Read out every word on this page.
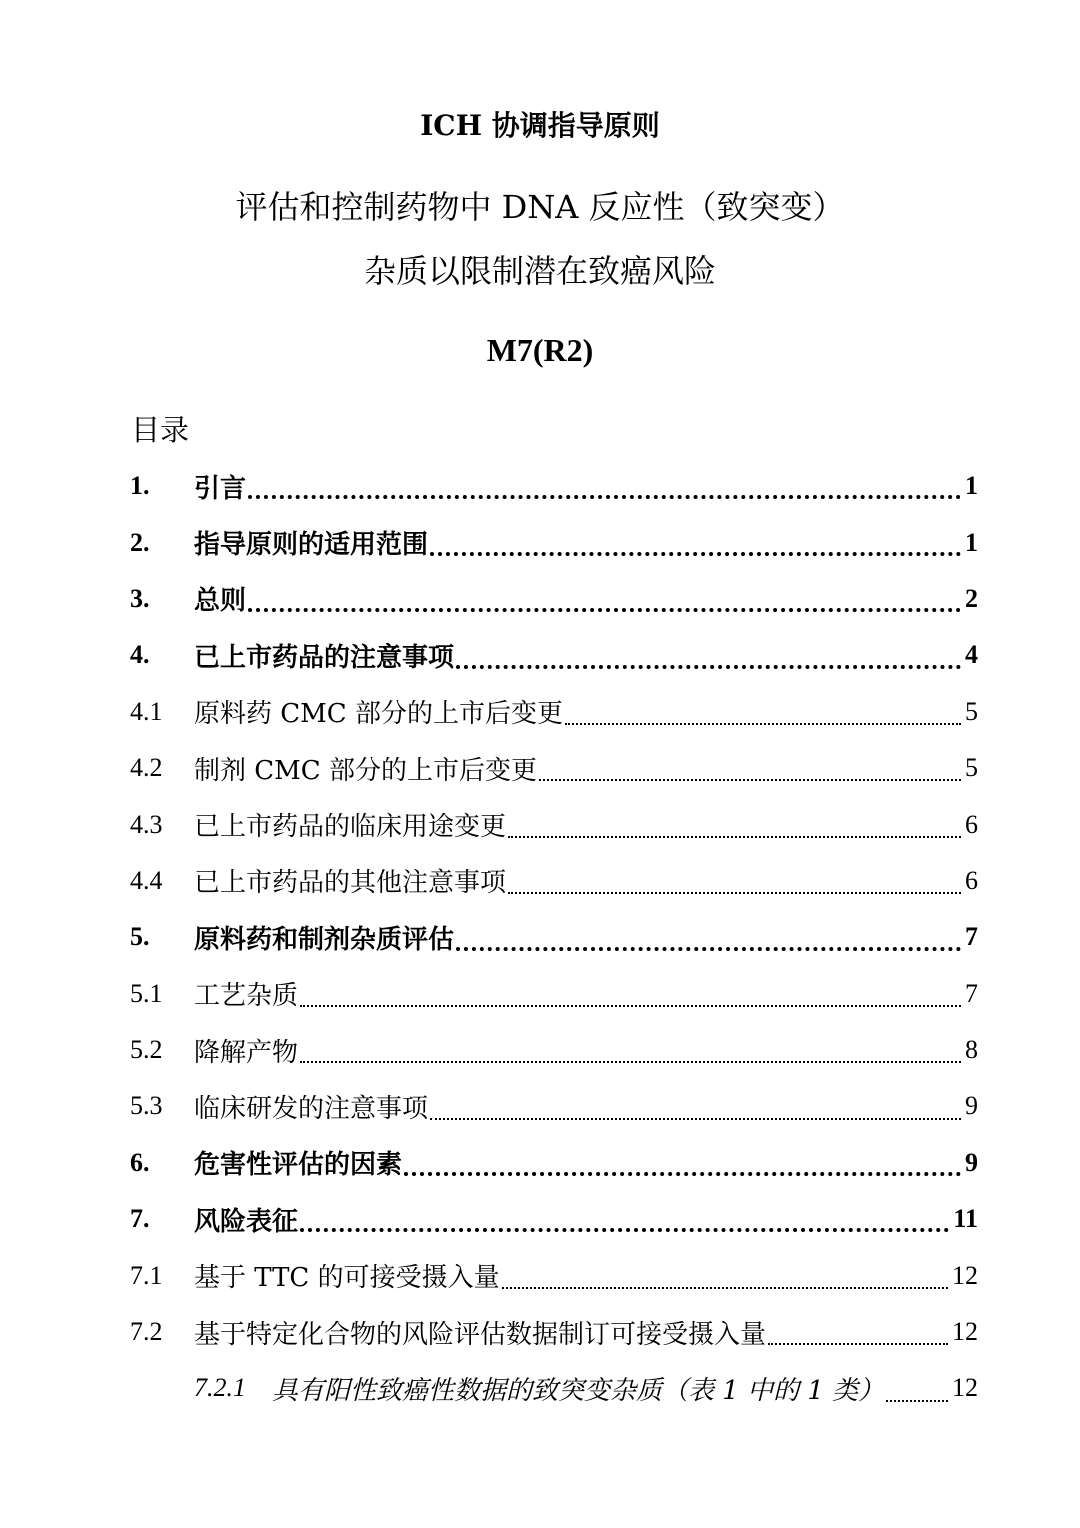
ICH 协调指导原则
评估和控制药物中 DNA 反应性（致突变）
杂质以限制潜在致癌风险
M7(R2)
目录
1.	引言	1
2.	指导原则的适用范围	1
3.	总则	2
4.	已上市药品的注意事项	4
4.1	原料药 CMC 部分的上市后变更	5
4.2	制剂 CMC 部分的上市后变更	5
4.3	已上市药品的临床用途变更	6
4.4	已上市药品的其他注意事项	6
5.	原料药和制剂杂质评估	7
5.1	工艺杂质	7
5.2	降解产物	8
5.3	临床研发的注意事项	9
6.	危害性评估的因素	9
7.	风险表征	11
7.1	基于 TTC 的可接受摄入量	12
7.2	基于特定化合物的风险评估数据制订可接受摄入量	12
7.2.1	具有阳性致癌性数据的致突变杂质（表 1 中的 1 类）	12
